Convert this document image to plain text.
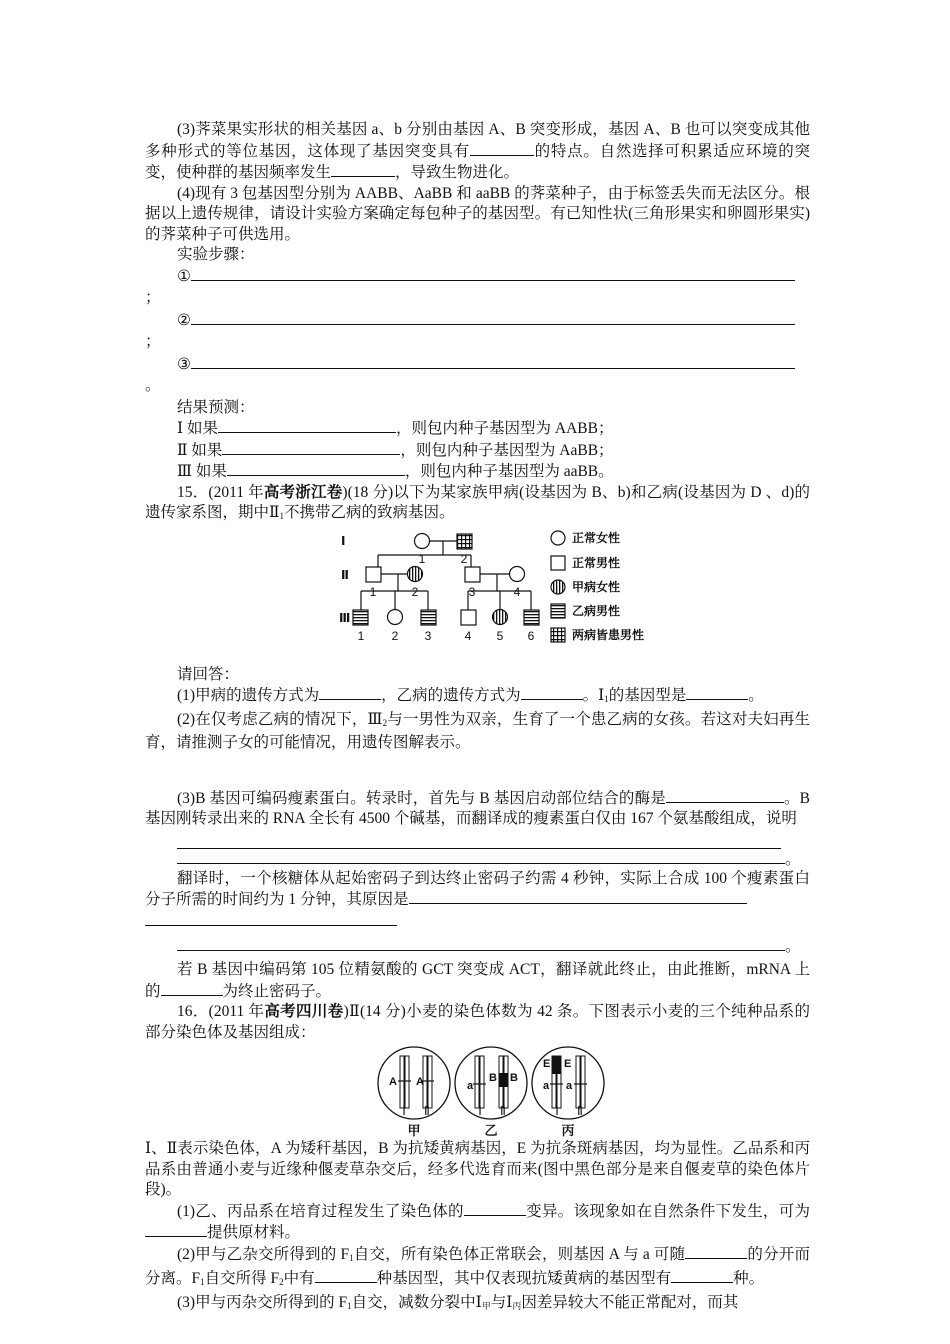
(3)荠菜果实形状的相关基因 a、b 分别由基因 A、B 突变形成，基因 A、B 也可以突变成其他多种形式的等位基因，这体现了基因突变具有	的特点。自然选择可积累适应环境的突变，使种群的基因频率发生	，导致生物进化。

(4)现有 3 包基因型分别为 AABB、AaBB 和 aaBB 的荠菜种子，由于标签丢失而无法区分。根据以上遗传规律，请设计实验方案确定每包种子的基因型。有已知性状(三角形果实和卵圆形果实)的荠菜种子可供选用。

实验步骤：

①

；

②

；

③

。

结果预测：

Ⅰ 如果	，则包内种子基因型为 AABB；

Ⅱ 如果	，则包内种子基因型为 AaBB；

Ⅲ 如果	，则包内种子基因型为 aaBB。

15．(2011 年高考浙江卷)(18 分)以下为某家族甲病(设基因为 B、b)和乙病(设基因为 D 、d)的遗传家系图，期中$Ⅱ_1$不携带乙病的致病基因。

Ⅰ
Ⅱ
Ⅲ
1	2
1	2	3	4
1 2 3	4 5 6
正常女性
正常男性
甲病女性
乙病男性
两病皆患男性

请回答：

(1)甲病的遗传方式为	，乙病的遗传方式为	。$Ⅰ_1$的基因型是	。

(2)在仅考虑乙病的情况下，$Ⅲ_2$与一男性为双亲，生育了一个患乙病的女孩。若这对夫妇再生育，请推测子女的可能情况，用遗传图解表示。

(3)B 基因可编码瘦素蛋白。转录时，首先与 B 基因启动部位结合的酶是	。B 基因刚转录出来的 RNA 全长有 4500 个碱基，而翻译成的瘦素蛋白仅由 167 个氨基酸组成，说明

。

翻译时，一个核糖体从起始密码子到达终止密码子约需 4 秒钟，实际上合成 100 个瘦素蛋白分子所需的时间约为 1 分钟，其原因是

。

若 B 基因中编码第 105 位精氨酸的 GCT 突变成 ACT，翻译就此终止，由此推断，mRNA 上的	为终止密码子。

16．(2011 年高考四川卷)Ⅱ(14 分)小麦的染色体数为 42 条。下图表示小麦的三个纯种品系的部分染色体及基因组成：

A A	a
B B
E E
a a
Ⅰ Ⅱ	Ⅰ Ⅱ	Ⅰ Ⅱ
甲	乙	丙

Ⅰ、Ⅱ表示染色体，A 为矮秆基因，B 为抗矮黄病基因，E 为抗条斑病基因，均为显性。乙品系和丙品系由普通小麦与近缘种偃麦草杂交后，经多代选育而来(图中黑色部分是来自偃麦草的染色体片段)。

(1)乙、丙品系在培育过程发生了染色体的	变异。该现象如在自然条件下发生，可为提供原材料。

(2)甲与乙杂交所得到的 $F_1$自交，所有染色体正常联会，则基因 A 与 a 可随	的分开而分离。$F_1$自交所得 $F_2$中有	种基因型，其中仅表现抗矮黄病的基因型有	种。

(3)甲与丙杂交所得到的 $F_1$自交，减数分裂中$Ⅰ_甲$与$Ⅰ_丙$因差异较大不能正常配对，而其
